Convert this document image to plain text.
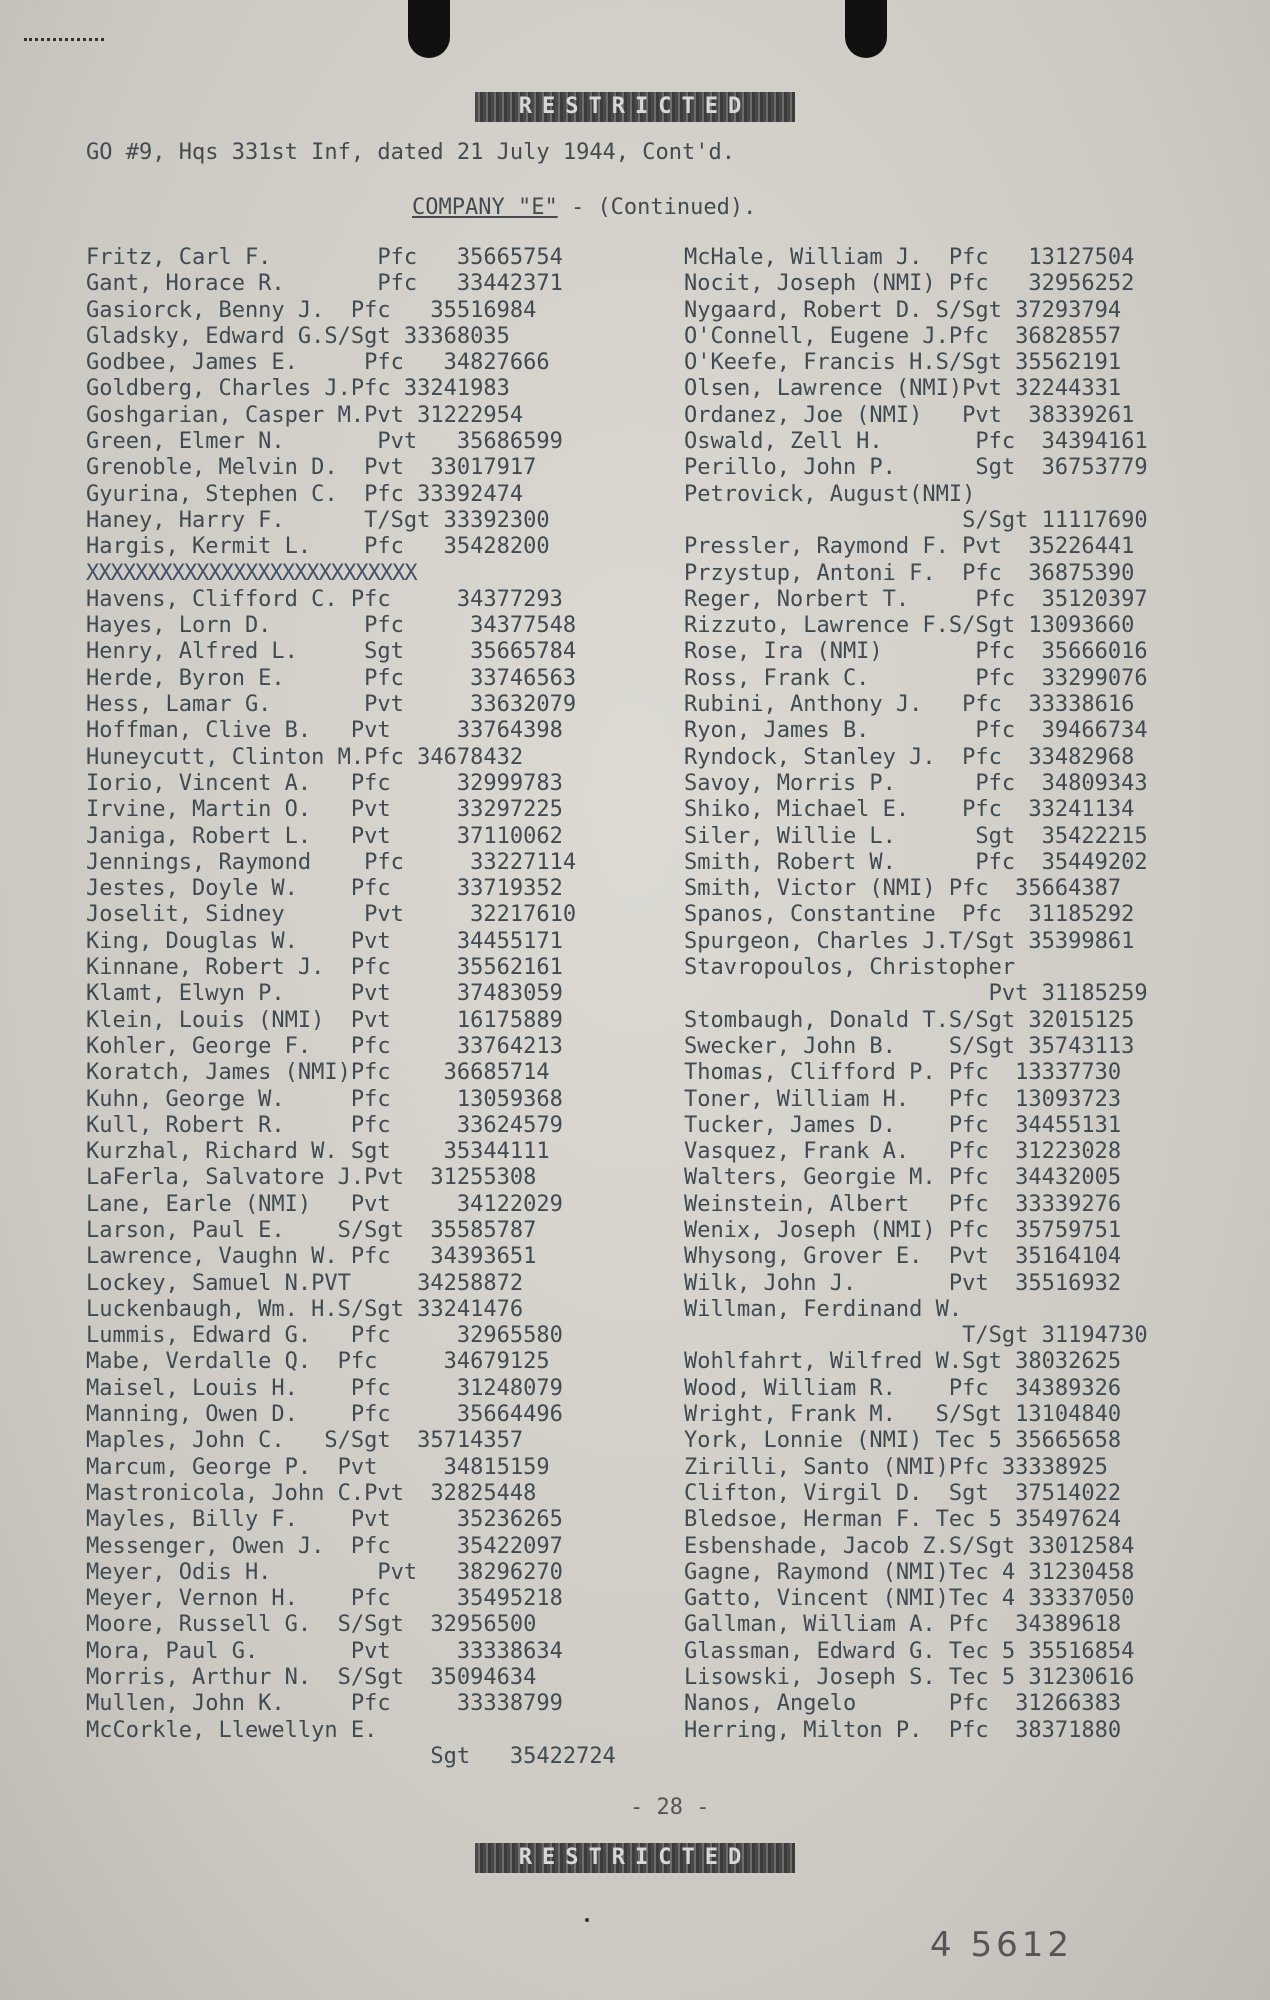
RESTRICTED
GO #9, Hqs 331st Inf, dated 21 July 1944, Cont'd.
COMPANY "E" - (Continued).
Fritz, Carl F.        Pfc   35665754
Gant, Horace R.       Pfc   33442371
Gasiorck, Benny J.  Pfc   35516984
Gladsky, Edward G.S/Sgt 33368035
Godbee, James E.     Pfc   34827666
Goldberg, Charles J.Pfc 33241983
Goshgarian, Casper M.Pvt 31222954
Green, Elmer N.       Pvt   35686599
Grenoble, Melvin D.  Pvt  33017917
Gyurina, Stephen C.  Pfc 33392474
Haney, Harry F.      T/Sgt 33392300
Hargis, Kermit L.    Pfc   35428200
XXXXXXXXXXXXXXXXXXXXXXXXXXX
Havens, Clifford C. Pfc     34377293
Hayes, Lorn D.       Pfc     34377548
Henry, Alfred L.     Sgt     35665784
Herde, Byron E.      Pfc     33746563
Hess, Lamar G.       Pvt     33632079
Hoffman, Clive B.   Pvt     33764398
Huneycutt, Clinton M.Pfc 34678432
Iorio, Vincent A.   Pfc     32999783
Irvine, Martin O.   Pvt     33297225
Janiga, Robert L.   Pvt     37110062
Jennings, Raymond    Pfc     33227114
Jestes, Doyle W.    Pfc     33719352
Joselit, Sidney      Pvt     32217610
King, Douglas W.    Pvt     34455171
Kinnane, Robert J.  Pfc     35562161
Klamt, Elwyn P.     Pvt     37483059
Klein, Louis (NMI)  Pvt     16175889
Kohler, George F.   Pfc     33764213
Koratch, James (NMI)Pfc    36685714
Kuhn, George W.     Pfc     13059368
Kull, Robert R.     Pfc     33624579
Kurzhal, Richard W. Sgt    35344111
LaFerla, Salvatore J.Pvt  31255308
Lane, Earle (NMI)   Pvt     34122029
Larson, Paul E.    S/Sgt  35585787
Lawrence, Vaughn W. Pfc   34393651
Lockey, Samuel N.PVT     34258872
Luckenbaugh, Wm. H.S/Sgt 33241476
Lummis, Edward G.   Pfc     32965580
Mabe, Verdalle Q.  Pfc     34679125
Maisel, Louis H.    Pfc     31248079
Manning, Owen D.    Pfc     35664496
Maples, John C.   S/Sgt  35714357
Marcum, George P.  Pvt     34815159
Mastronicola, John C.Pvt  32825448
Mayles, Billy F.    Pvt     35236265
Messenger, Owen J.  Pfc     35422097
Meyer, Odis H.        Pvt   38296270
Meyer, Vernon H.    Pfc     35495218
Moore, Russell G.  S/Sgt  32956500
Mora, Paul G.       Pvt     33338634
Morris, Arthur N.  S/Sgt  35094634
Mullen, John K.     Pfc     33338799
McCorkle, Llewellyn E.
Sgt   35422724
McHale, William J.  Pfc   13127504
Nocit, Joseph (NMI) Pfc   32956252
Nygaard, Robert D. S/Sgt 37293794
O'Connell, Eugene J.Pfc  36828557
O'Keefe, Francis H.S/Sgt 35562191
Olsen, Lawrence (NMI)Pvt 32244331
Ordanez, Joe (NMI)   Pvt  38339261
Oswald, Zell H.       Pfc  34394161
Perillo, John P.      Sgt  36753779
Petrovick, August(NMI)
S/Sgt 11117690
Pressler, Raymond F. Pvt  35226441
Przystup, Antoni F.  Pfc  36875390
Reger, Norbert T.     Pfc  35120397
Rizzuto, Lawrence F.S/Sgt 13093660
Rose, Ira (NMI)       Pfc  35666016
Ross, Frank C.        Pfc  33299076
Rubini, Anthony J.   Pfc  33338616
Ryon, James B.        Pfc  39466734
Ryndock, Stanley J.  Pfc  33482968
Savoy, Morris P.      Pfc  34809343
Shiko, Michael E.    Pfc  33241134
Siler, Willie L.      Sgt  35422215
Smith, Robert W.      Pfc  35449202
Smith, Victor (NMI) Pfc  35664387
Spanos, Constantine  Pfc  31185292
Spurgeon, Charles J.T/Sgt 35399861
Stavropoulos, Christopher
Pvt 31185259
Stombaugh, Donald T.S/Sgt 32015125
Swecker, John B.    S/Sgt 35743113
Thomas, Clifford P. Pfc  13337730
Toner, William H.   Pfc  13093723
Tucker, James D.    Pfc  34455131
Vasquez, Frank A.   Pfc  31223028
Walters, Georgie M. Pfc  34432005
Weinstein, Albert   Pfc  33339276
Wenix, Joseph (NMI) Pfc  35759751
Whysong, Grover E.  Pvt  35164104
Wilk, John J.       Pvt  35516932
Willman, Ferdinand W.
T/Sgt 31194730
Wohlfahrt, Wilfred W.Sgt 38032625
Wood, William R.    Pfc  34389326
Wright, Frank M.   S/Sgt 13104840
York, Lonnie (NMI) Tec 5 35665658
Zirilli, Santo (NMI)Pfc 33338925
Clifton, Virgil D.  Sgt  37514022
Bledsoe, Herman F. Tec 5 35497624
Esbenshade, Jacob Z.S/Sgt 33012584
Gagne, Raymond (NMI)Tec 4 31230458
Gatto, Vincent (NMI)Tec 4 33337050
Gallman, William A. Pfc  34389618
Glassman, Edward G. Tec 5 35516854
Lisowski, Joseph S. Tec 5 31230616
Nanos, Angelo       Pfc  31266383
Herring, Milton P.  Pfc  38371880
- 28 -
RESTRICTED
4 5612
